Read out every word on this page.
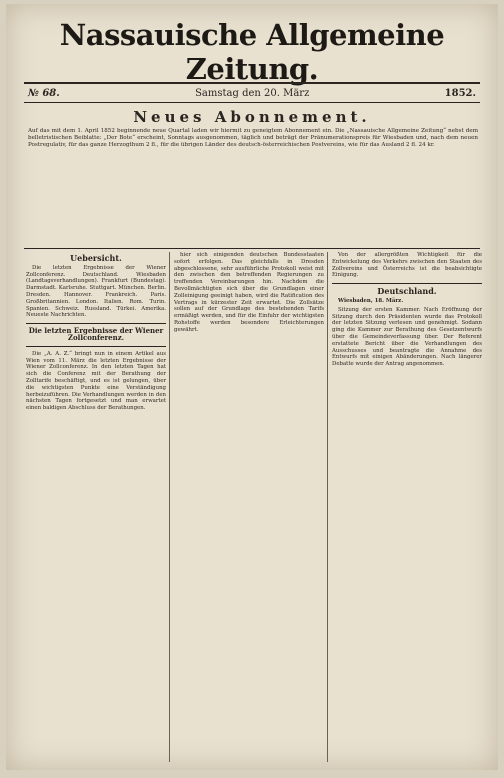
Nassauische Allgemeine Zeitung.
№ 68.	Samstag den 20. März	1852.
Neues Abonnement.
Auf das mit dem 1. April 1852 beginnende neue Quartal laden wir hiermit zu geneigtem Abonnement ein. Die „Nassauische Allgemeine Zeitung“ nebst dem belletristischen Beiblatte: „Der Bote“ erscheint, Sonntags ausgenommen, täglich und beträgt der Pränumerationspreis für Wiesbaden und, nach dem neuen Postregulativ, für das ganze Herzogthum 2 fl., für die übrigen Länder des deutsch-österreichischen Postvereins, wie für das Ausland 2 fl. 24 kr.
Uebersicht.

Die letzten Ergebnisse der Wiener Zollconferenz. Deutschland. Wiesbaden (Landtagsverhandlungen). Frankfurt (Bundestag). Darmstadt. Karlsruhe. Stuttgart. München. Berlin. Dresden. Hannover. Frankreich. Paris. Großbritannien. London. Italien. Rom. Turin. Spanien. Schweiz. Russland. Türkei. Amerika. Neueste Nachrichten.

Die letzten Ergebnisse der Wiener Zollconferenz.

Die „A. A. Z.“ bringt nun in einem Artikel aus Wien vom 11. März die letzten Ergebnisse der Wiener Zollconferenz. In den letzten Tagen hat sich die Conferenz mit der Berathung der Zolltarife beschäftigt, und es ist gelungen, über die wichtigsten Punkte eine Verständigung herbeizuführen. Die Verhandlungen werden in den nächsten Tagen fortgesetzt und man erwartet einen baldigen Abschluss der Berathungen.

hier sich einigenden deutschen Bundesstaaten sofort erfolgen. Das gleichfalls in Dresden abgeschlossene, sehr ausführliche Protokoll weist mit den zwischen den betreffenden Regierungen zu treffenden Vereinbarungen hin. Nachdem die Bevollmächtigten sich über die Grundlagen einer Zolleinigung geeinigt haben, wird die Ratification des Vertrags in kürzester Zeit erwartet. Die Zollsätze sollen auf der Grundlage des bestehenden Tarifs ermäßigt werden, und für die Einfuhr der wichtigsten Rohstoffe werden besondere Erleichterungen gewährt.

Von der allergrößten Wichtigkeit für die Entwickelung des Verkehrs zwischen den Staaten des Zollvereins und Österreichs ist die beabsichtigte Einigung.

Deutschland.

Wiesbaden, 18. März.

Sitzung der ersten Kammer. Nach Eröffnung der Sitzung durch den Präsidenten wurde das Protokoll der letzten Sitzung verlesen und genehmigt. Sodann ging die Kammer zur Berathung des Gesetzentwurfs über die Gemeindeverfassung über. Der Referent erstattete Bericht über die Verhandlungen des Ausschusses und beantragte die Annahme des Entwurfs mit einigen Abänderungen. Nach längerer Debatte wurde der Antrag angenommen.
